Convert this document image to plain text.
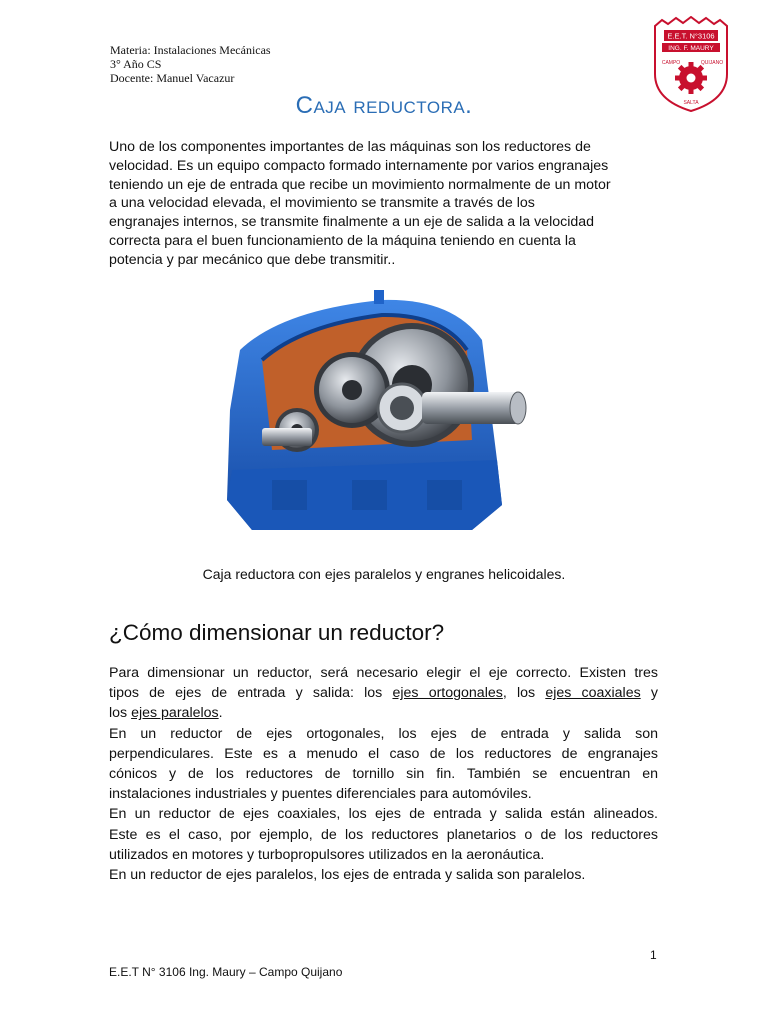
Materia: Instalaciones Mecánicas
3° Año CS
Docente: Manuel Vacazur
E.E.T. N°3106
ING. F. MAURY
CAMPO	QUIJANO
SALTA
Caja reductora.
Uno de los componentes importantes de las máquinas son los reductores de
velocidad. Es un equipo compacto formado internamente por varios engranajes
teniendo un eje de entrada que recibe un movimiento normalmente de un motor
a una velocidad elevada, el movimiento se transmite a través de los
engranajes internos, se transmite finalmente a un eje de salida a la velocidad
correcta para el buen funcionamiento de la máquina teniendo en cuenta la
potencia y par mecánico que debe transmitir..
Caja reductora con ejes paralelos y engranes helicoidales.
¿Cómo dimensionar un reductor?
Para dimensionar un reductor, será necesario elegir el eje correcto. Existen tres
tipos de ejes de entrada y salida: los ejes ortogonales, los ejes coaxiales y
los ejes paralelos.
En un reductor de ejes ortogonales, los ejes de entrada y salida son
perpendiculares. Este es a menudo el caso de los reductores de engranajes
cónicos y de los reductores de tornillo sin fin. También se encuentran en
instalaciones industriales y puentes diferenciales para automóviles.
En un reductor de ejes coaxiales, los ejes de entrada y salida están alineados.
Este es el caso, por ejemplo, de los reductores planetarios o de los reductores
utilizados en motores y turbopropulsores utilizados en la aeronáutica.
En un reductor de ejes paralelos, los ejes de entrada y salida son paralelos.
1
E.E.T N° 3106 Ing. Maury – Campo Quijano
